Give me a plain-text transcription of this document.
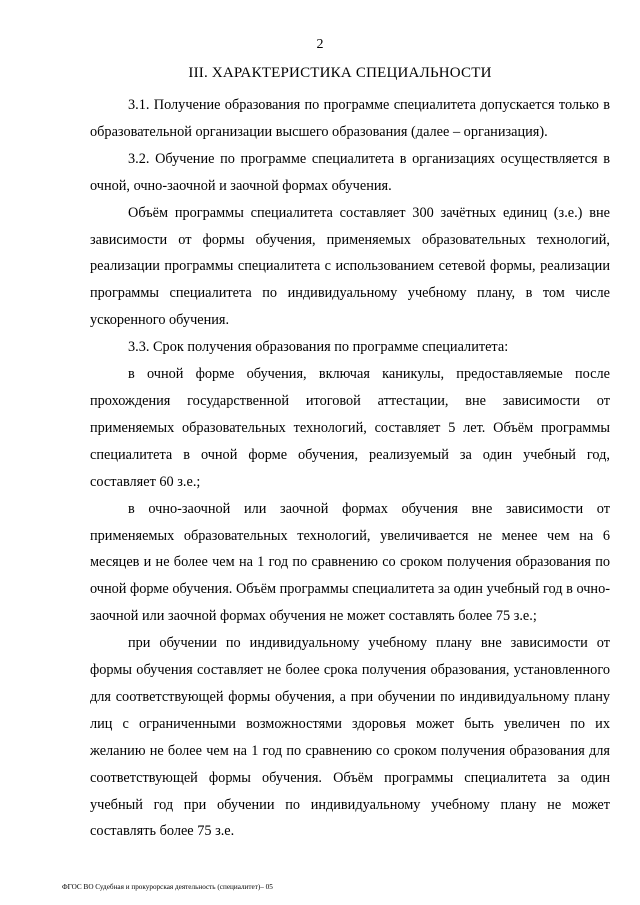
2
III. ХАРАКТЕРИСТИКА СПЕЦИАЛЬНОСТИ

3.1. Получение образования по программе специалитета допускается только в образовательной организации высшего образования (далее – организация).

3.2. Обучение по программе специалитета в организациях осуществляется в очной, очно-заочной и заочной формах обучения.

Объём программы специалитета составляет 300 зачётных единиц (з.е.) вне зависимости от формы обучения, применяемых образовательных технологий, реализации программы специалитета с использованием сетевой формы, реализации программы специалитета по индивидуальному учебному плану, в том числе ускоренного обучения.

3.3. Срок получения образования по программе специалитета:

в очной форме обучения, включая каникулы, предоставляемые после прохождения государственной итоговой аттестации, вне зависимости от применяемых образовательных технологий, составляет 5 лет. Объём программы специалитета в очной форме обучения, реализуемый за один учебный год, составляет 60 з.е.;

в очно-заочной или заочной формах обучения вне зависимости от применяемых образовательных технологий, увеличивается не менее чем на 6 месяцев и не более чем на 1 год по сравнению со сроком получения образования по очной форме обучения. Объём программы специалитета за один учебный год в очно-заочной или заочной формах обучения не может составлять более 75 з.е.;

при обучении по индивидуальному учебному плану вне зависимости от формы обучения составляет не более срока получения образования, установленного для соответствующей формы обучения, а при обучении по индивидуальному плану лиц с ограниченными возможностями здоровья может быть увеличен по их желанию не более чем на 1 год по сравнению со сроком получения образования для соответствующей формы обучения. Объём программы специалитета за один учебный год при обучении по индивидуальному учебному плану не может составлять более 75 з.е.

ФГОС ВО Судебная и прокурорская деятельность (специалитет)– 05
